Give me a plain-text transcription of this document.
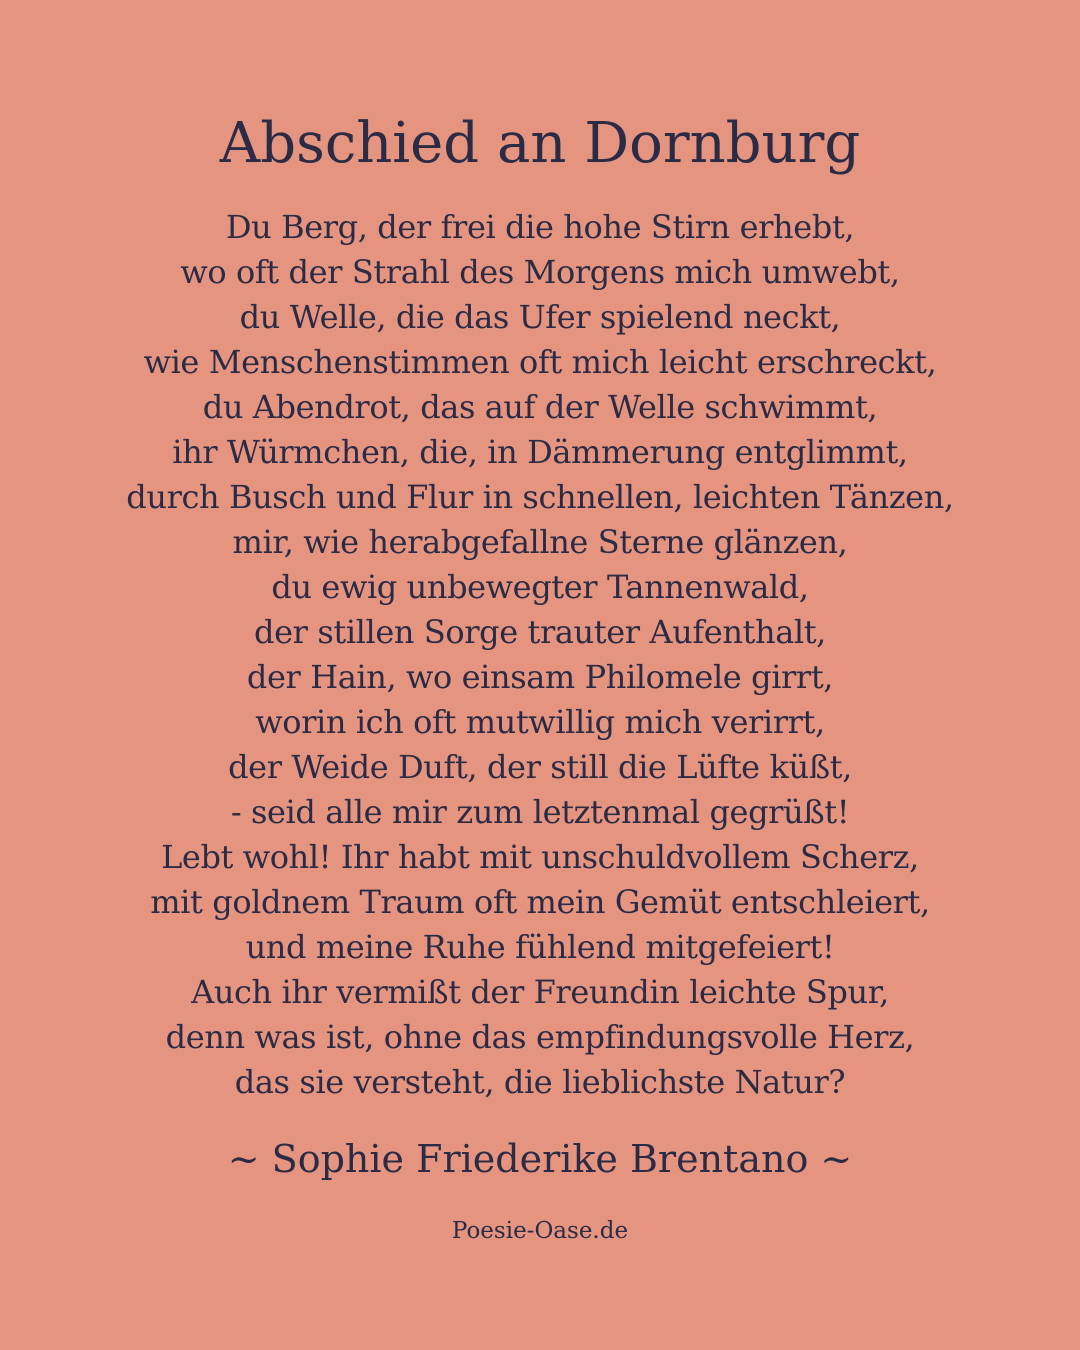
Abschied an Dornburg
Du Berg, der frei die hohe Stirn erhebt,
wo oft der Strahl des Morgens mich umwebt,
du Welle, die das Ufer spielend neckt,
wie Menschenstimmen oft mich leicht erschreckt,
du Abendrot, das auf der Welle schwimmt,
ihr Würmchen, die, in Dämmerung entglimmt,
durch Busch und Flur in schnellen, leichten Tänzen,
mir, wie herabgefallne Sterne glänzen,
du ewig unbewegter Tannenwald,
der stillen Sorge trauter Aufenthalt,
der Hain, wo einsam Philomele girrt,
worin ich oft mutwillig mich verirrt,
der Weide Duft, der still die Lüfte küßt,
- seid alle mir zum letztenmal gegrüßt!
Lebt wohl! Ihr habt mit unschuldvollem Scherz,
mit goldnem Traum oft mein Gemüt entschleiert,
und meine Ruhe fühlend mitgefeiert!
Auch ihr vermißt der Freundin leichte Spur,
denn was ist, ohne das empfindungsvolle Herz,
das sie versteht, die lieblichste Natur?

~ Sophie Friederike Brentano ~

Poesie-Oase.de
